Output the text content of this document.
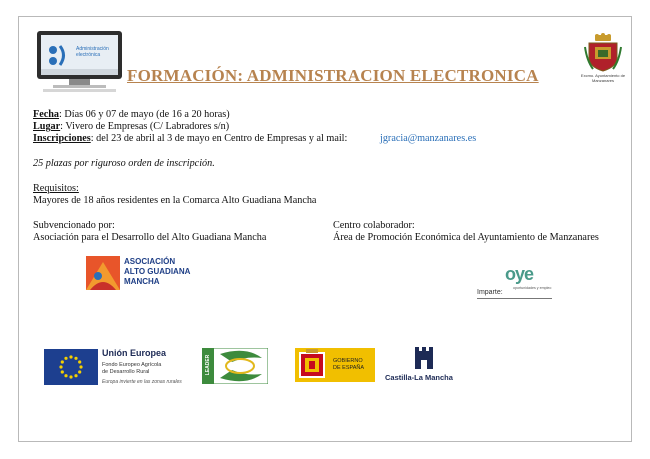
Administración electrónica
FORMACIÓN: ADMINISTRACION ELECTRONICA	Excmo. Ayuntamiento de Manzanares
Fecha: Días 06 y 07 de mayo (de 16 a 20 horas)
Lugar: Vivero de Empresas (C/ Labradores s/n)
Inscripciones: del 23 de abril al 3 de mayo en Centro de Empresas y al mail:	jgracia@manzanares.es
25 plazas por riguroso orden de inscripción.
Requisitos:
Mayores de 18 años residentes en la Comarca Alto Guadiana Mancha
Subvencionado por:
Asociación para el Desarrollo del Alto Guadiana Mancha
Centro colaborador:
Área de Promoción Económica del Ayuntamiento de Manzanares
ASOCIACIÓN
ALTO GUADIANA
MANCHA
Imparte:
oye
oportunidades y empleo
Unión Europea
Fondo Europeo Agrícola
de Desarrollo Rural
Europa invierte en las zonas rurales
LEADER	GOBIERNO
DE ESPAÑA
Castilla-La Mancha
